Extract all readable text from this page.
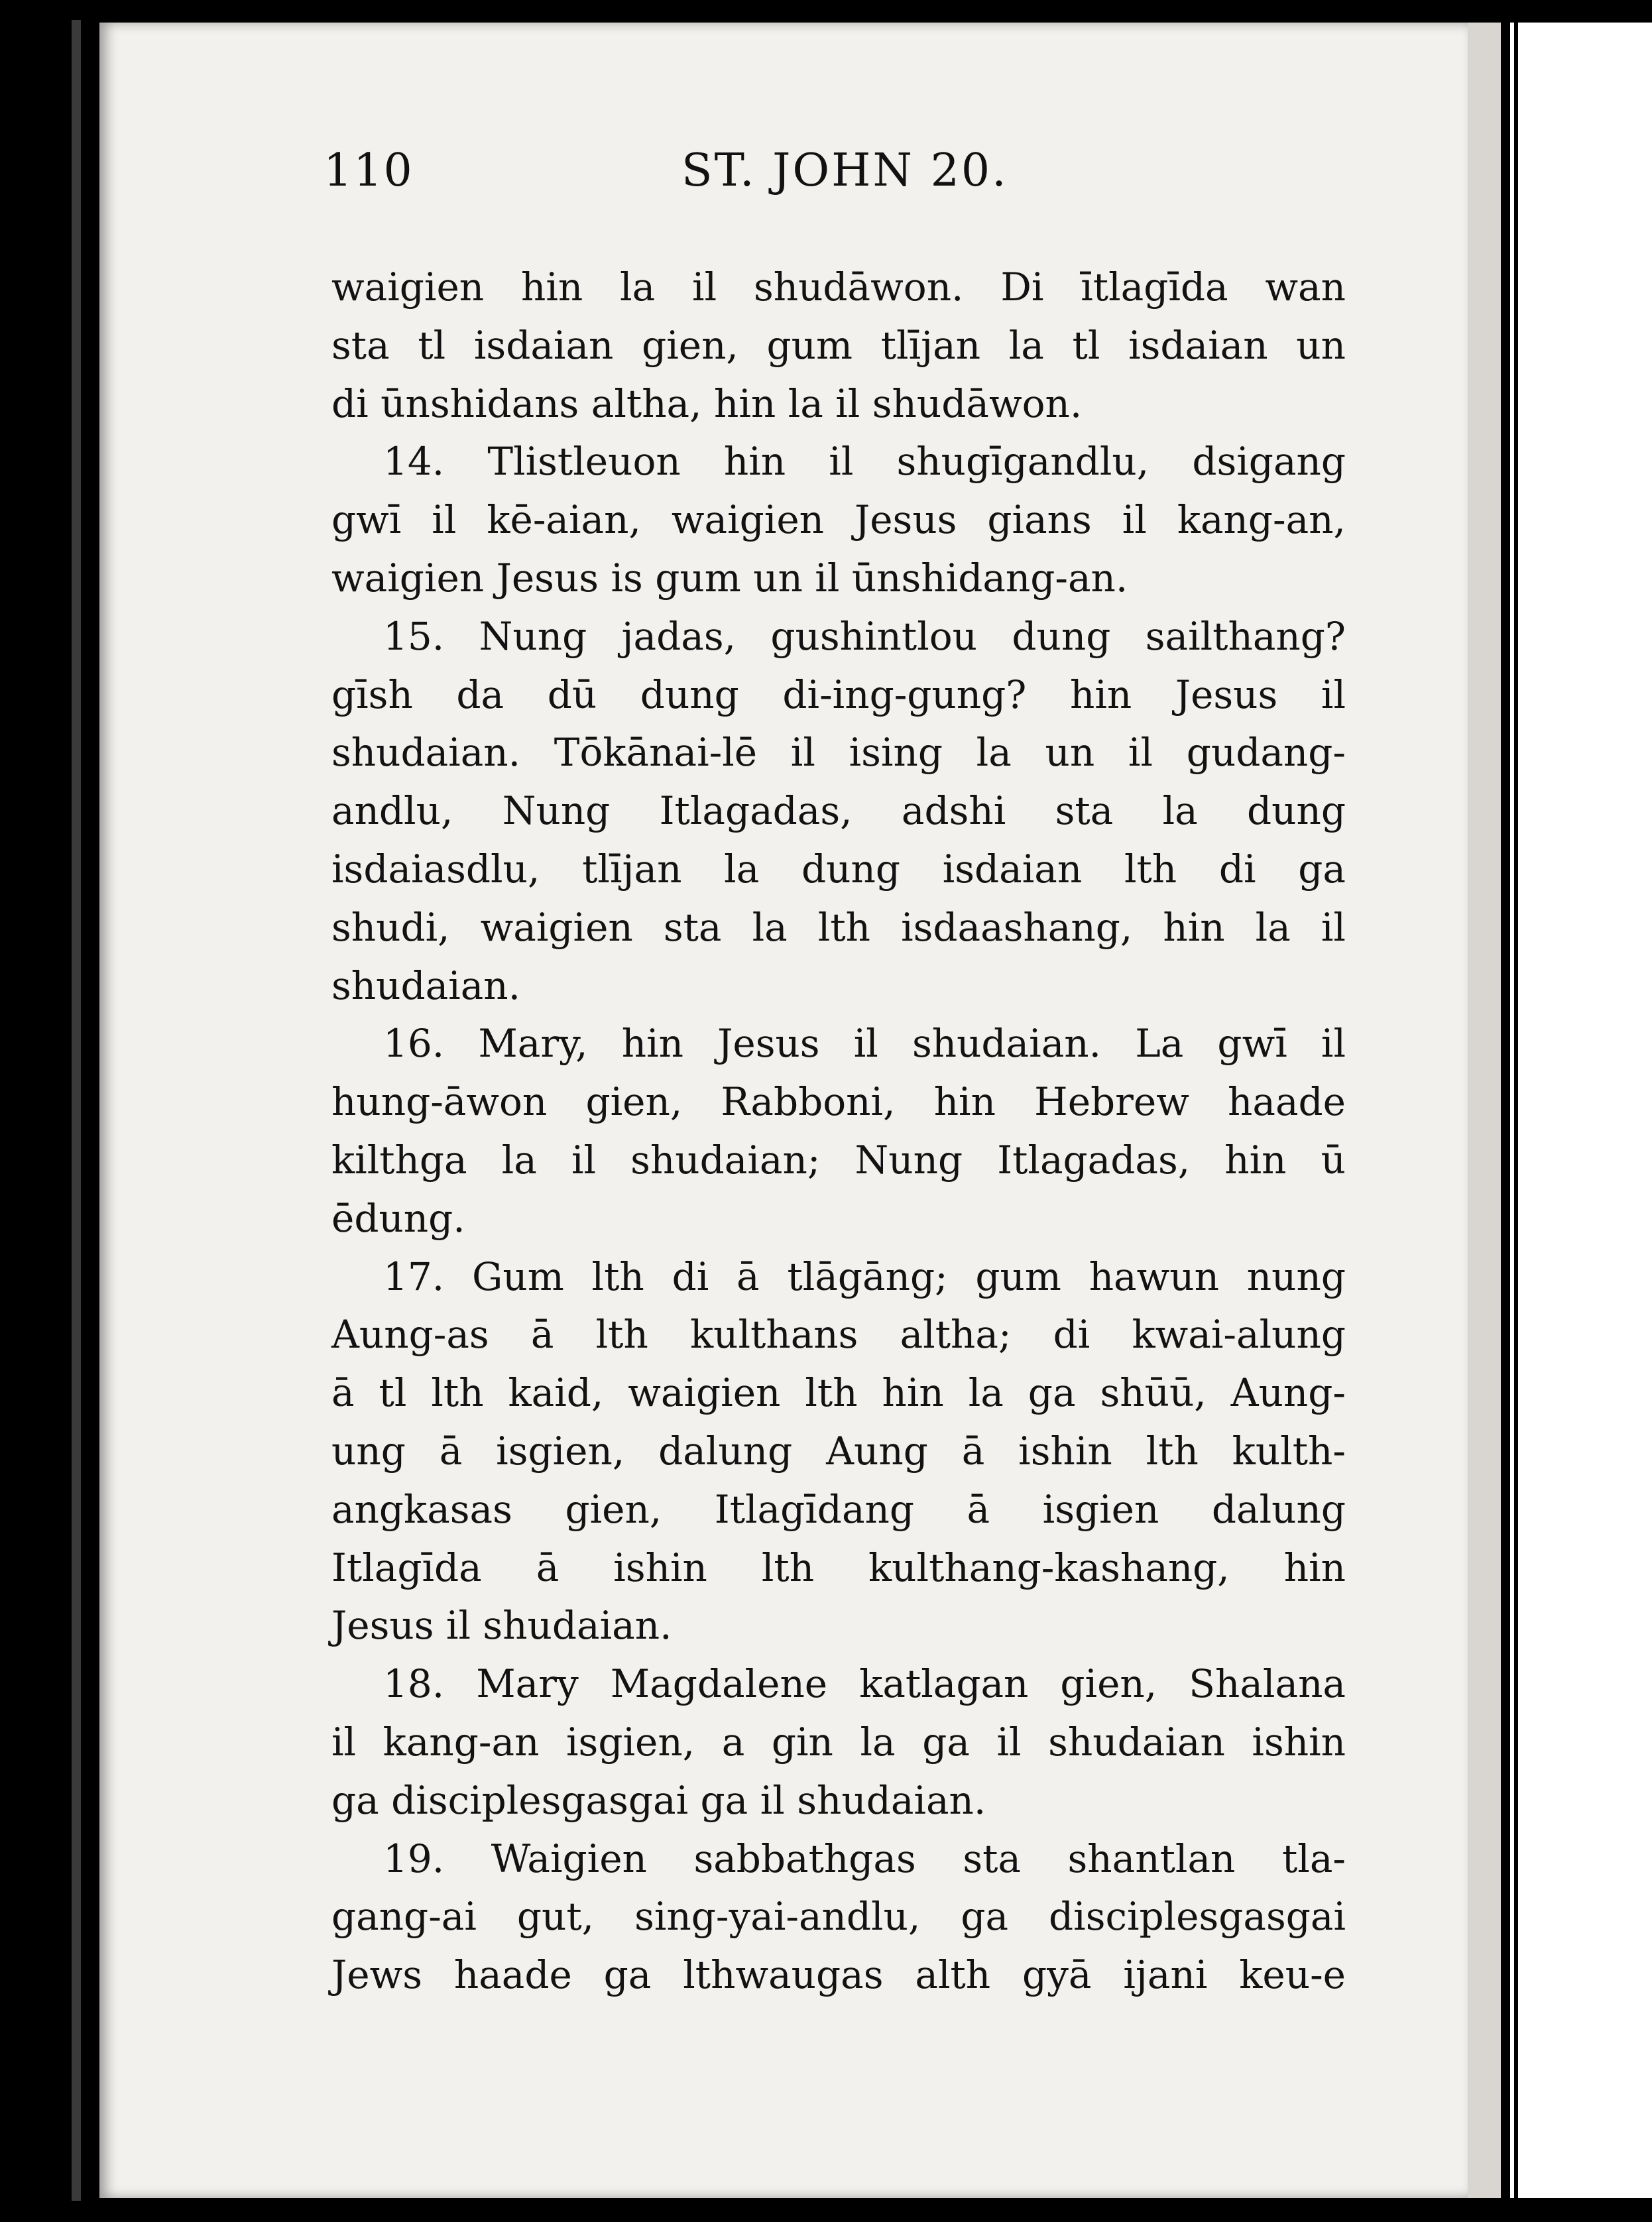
110	ST. JOHN 20.
waigien hin la il shudāwon. Di ītlagīda wan
sta tl isdaian gien, gum tlījan la tl isdaian un
di ūnshidans altha, hin la il shudāwon.
14. Tlistleuon hin il shugīgandlu, dsigang
gwī il kē-aian, waigien Jesus gians il kang-an,
waigien Jesus is gum un il ūnshidang-an.
15. Nung jadas, gushintlou dung sailthang?
gīsh da dū dung di-ing-gung? hin Jesus il
shudaian. Tōkānai-lē il ising la un il gudang-
andlu, Nung Itlagadas, adshi sta la dung
isdaiasdlu, tlījan la dung isdaian lth di ga
shudi, waigien sta la lth isdaashang, hin la il
shudaian.
16. Mary, hin Jesus il shudaian. La gwī il
hung-āwon gien, Rabboni, hin Hebrew haade
kilthga la il shudaian; Nung Itlagadas, hin ū
ēdung.
17. Gum lth di ā tlāgāng; gum hawun nung
Aung-as ā lth kulthans altha; di kwai-alung
ā tl lth kaid, waigien lth hin la ga shūū, Aung-
ung ā isgien, dalung Aung ā ishin lth kulth-
angkasas gien, Itlagīdang ā isgien dalung
Itlagīda ā ishin lth kulthang-kashang, hin
Jesus il shudaian.
18. Mary Magdalene katlagan gien, Shalana
il kang-an isgien, a gin la ga il shudaian ishin
ga disciplesgasgai ga il shudaian.
19. Waigien sabbathgas sta shantlan tla-
gang-ai gut, sing-yai-andlu, ga disciplesgasgai
Jews haade ga lthwaugas alth gyā ijani keu-e
